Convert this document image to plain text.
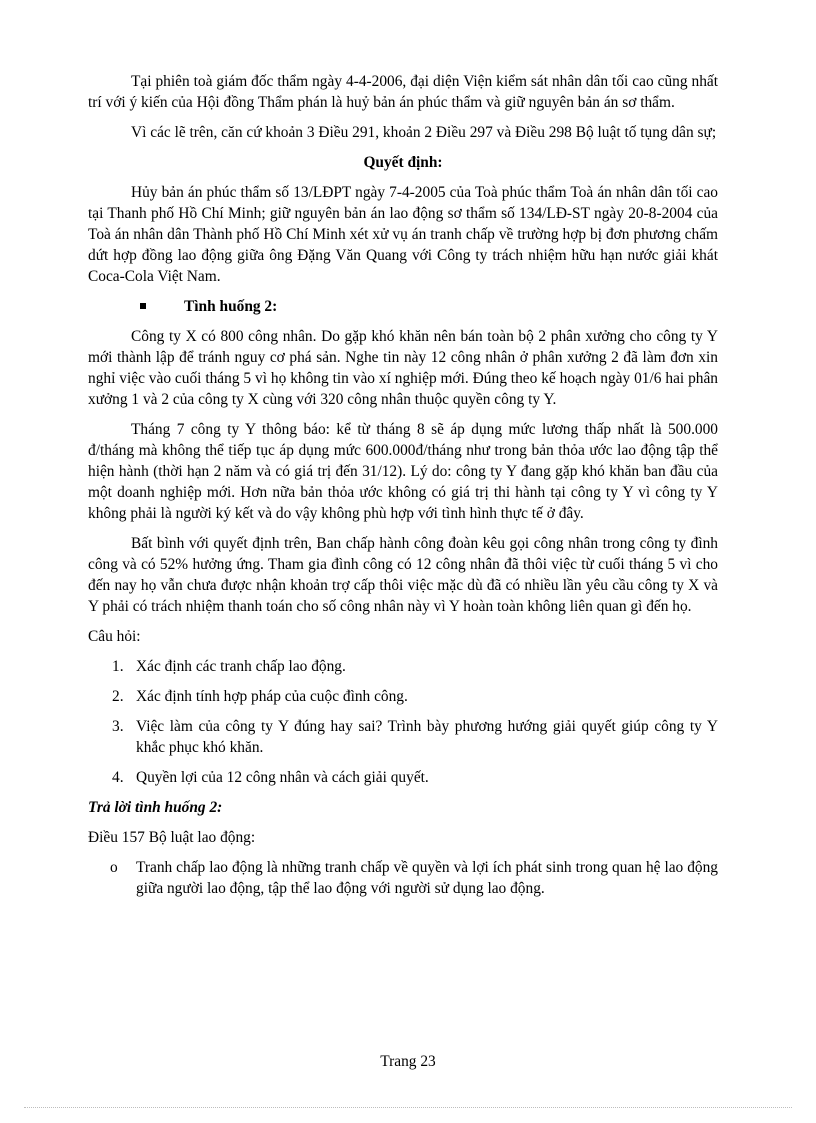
Tại phiên toà giám đốc thẩm ngày 4-4-2006, đại diện Viện kiểm sát nhân dân tối cao cũng nhất trí với ý kiến của Hội đồng Thẩm phán là huỷ bản án phúc thẩm và giữ nguyên bản án sơ thẩm.

Vì các lẽ trên, căn cứ khoản 3 Điều 291, khoản 2 Điều 297 và Điều 298 Bộ luật tố tụng dân sự;

Quyết định:

Hủy bản án phúc thẩm số 13/LĐPT ngày 7-4-2005 của Toà phúc thẩm Toà án nhân dân tối cao tại Thanh phố Hồ Chí Minh; giữ nguyên bản án lao động sơ thẩm số 134/LĐ-ST ngày 20-8-2004 của Toà án nhân dân Thành phố Hồ Chí Minh xét xử vụ án tranh chấp về trường hợp bị đơn phương chấm dứt hợp đồng lao động giữa ông Đặng Văn Quang với Công ty trách nhiệm hữu hạn nước giải khát Coca-Cola Việt Nam.

Tình huống 2:

Công ty X có 800 công nhân. Do gặp khó khăn nên bán toàn bộ 2 phân xưởng cho công ty Y mới thành lập để tránh nguy cơ phá sản. Nghe tin này 12 công nhân ở phân xưởng 2 đã làm đơn xin nghỉ việc vào cuối tháng 5 vì họ không tin vào xí nghiệp mới. Đúng theo kế hoạch ngày 01/6 hai phân xưởng 1 và 2 của công ty X cùng với 320 công nhân thuộc quyền công ty Y.

Tháng 7 công ty Y thông báo: kể từ tháng 8 sẽ áp dụng mức lương thấp nhất là 500.000 đ/tháng mà không thể tiếp tục áp dụng mức 600.000đ/tháng như trong bản thỏa ước lao động tập thể hiện hành (thời hạn 2 năm và có giá trị đến 31/12). Lý do: công ty Y đang gặp khó khăn ban đầu của một doanh nghiệp mới. Hơn nữa bản thỏa ước không có giá trị thi hành tại công ty Y vì công ty Y không phải là người ký kết và do vậy không phù hợp với tình hình thực tế ở đây.

Bất bình với quyết định trên, Ban chấp hành công đoàn kêu gọi công nhân trong công ty đình công và có 52% hưởng ứng. Tham gia đình công có 12 công nhân đã thôi việc từ cuối tháng 5 vì cho đến nay họ vẫn chưa được nhận khoản trợ cấp thôi việc mặc dù đã có nhiều lần yêu cầu công ty X và Y phải có trách nhiệm thanh toán cho số công nhân này vì Y hoàn toàn không liên quan gì đến họ.

Câu hỏi:

1. Xác định các tranh chấp lao động.
2. Xác định tính hợp pháp của cuộc đình công.
3. Việc làm của công ty Y đúng hay sai? Trình bày phương hướng giải quyết giúp công ty Y khắc phục khó khăn.
4. Quyền lợi của 12 công nhân và cách giải quyết.

Trả lời tình huống 2:

Điều 157 Bộ luật lao động:

o Tranh chấp lao động là những tranh chấp về quyền và lợi ích phát sinh trong quan hệ lao động giữa người lao động, tập thể lao động với người sử dụng lao động.

Trang 23
